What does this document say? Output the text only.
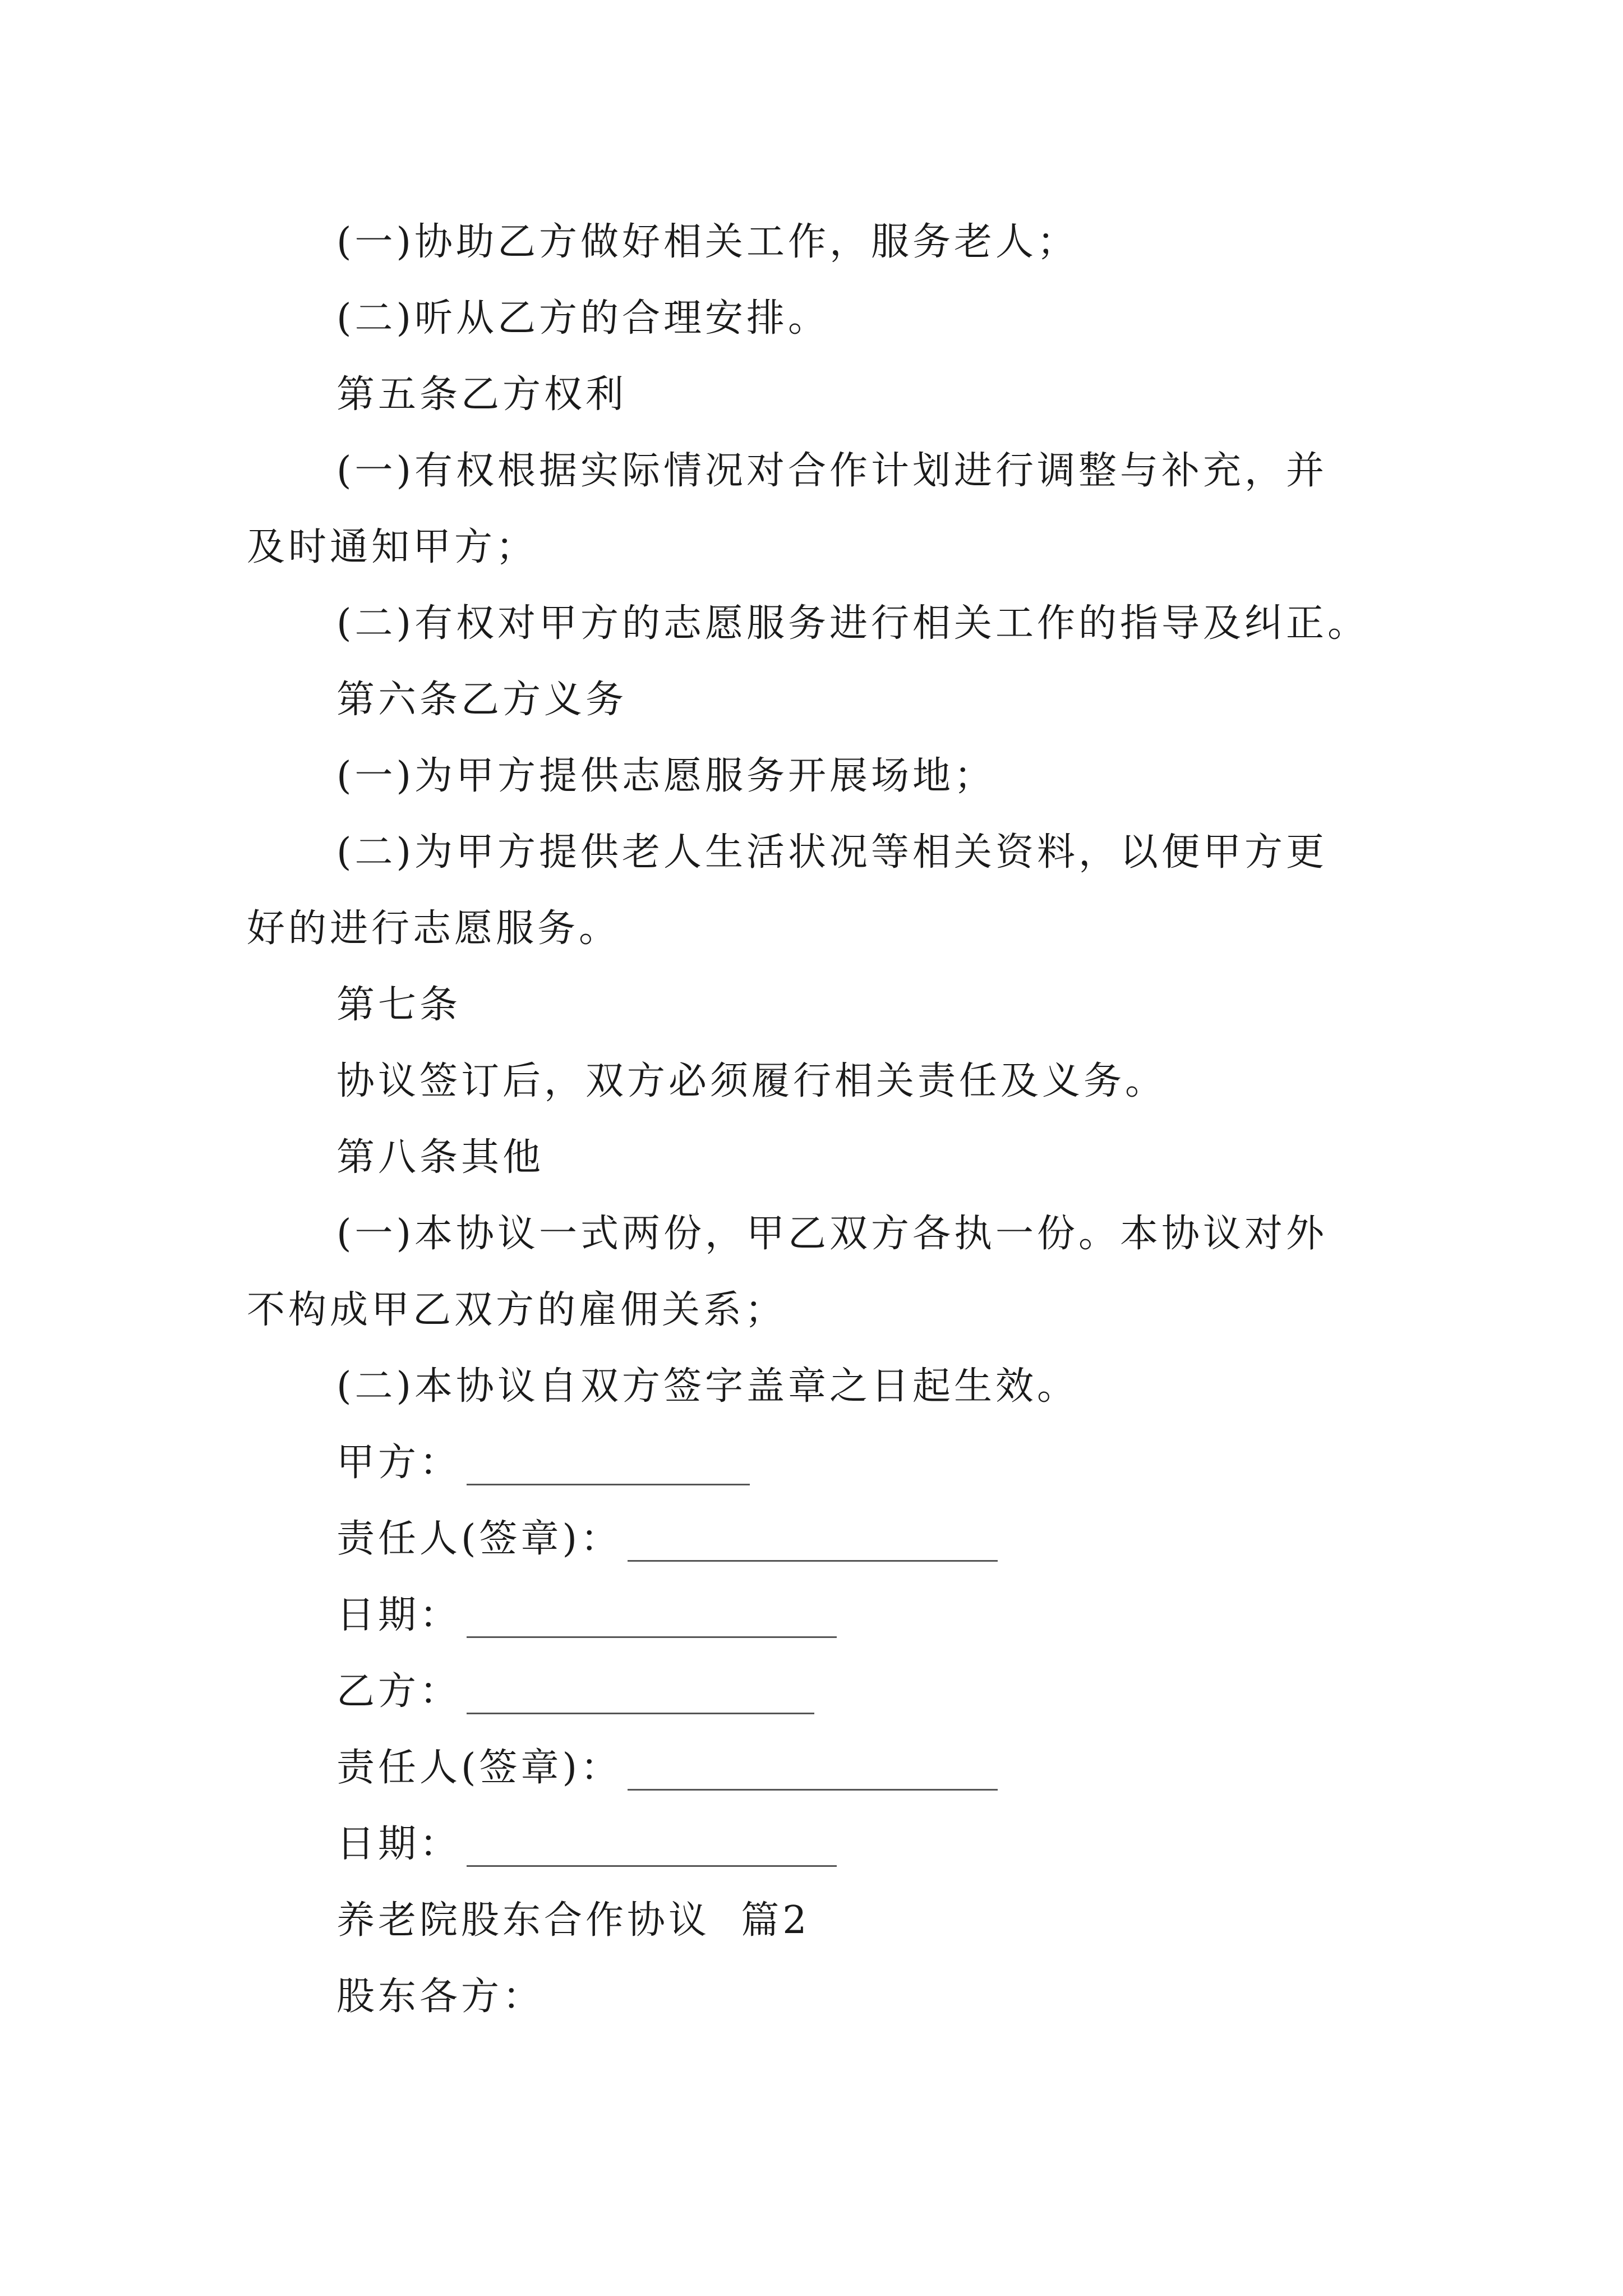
(一)协助乙方做好相关工作，服务老人；
(二)听从乙方的合理安排。
第五条乙方权利
(一)有权根据实际情况对合作计划进行调整与补充，并
及时通知甲方；
(二)有权对甲方的志愿服务进行相关工作的指导及纠正。
第六条乙方义务
(一)为甲方提供志愿服务开展场地；
(二)为甲方提供老人生活状况等相关资料，以便甲方更
好的进行志愿服务。
第七条
协议签订后，双方必须履行相关责任及义务。
第八条其他
(一)本协议一式两份，甲乙双方各执一份。本协议对外
不构成甲乙双方的雇佣关系；
(二)本协议自双方签字盖章之日起生效。
甲方：
责任人(签章)：
日期：
乙方：
责任人(签章)：
日期：
养老院股东合作协议  篇2
股东各方：
